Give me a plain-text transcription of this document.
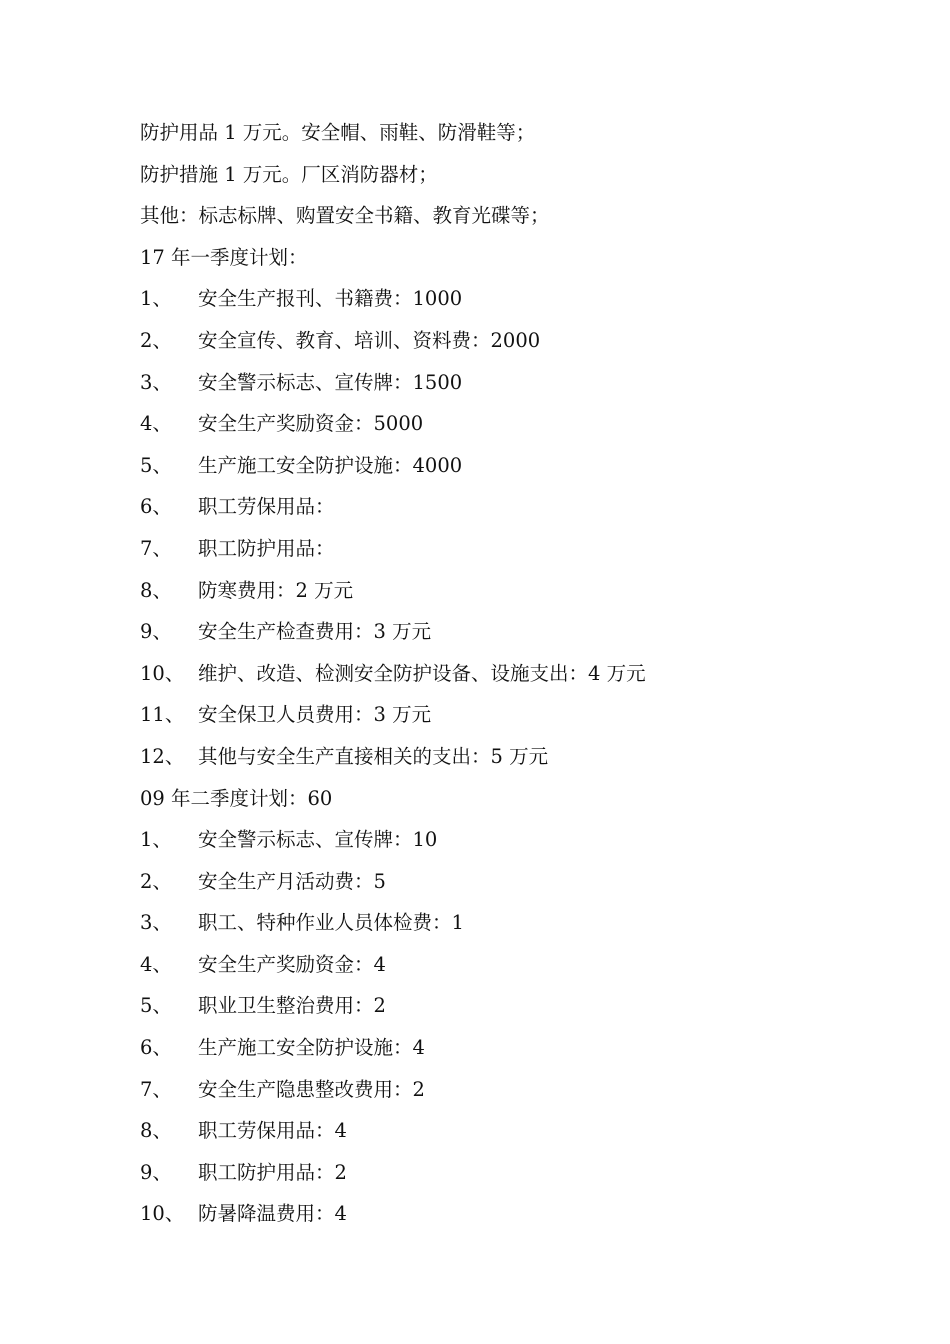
防护用品 1 万元。安全帽、雨鞋、防滑鞋等；
防护措施 1 万元。厂区消防器材；
其他：标志标牌、购置安全书籍、教育光碟等；
17 年一季度计划：
1、	安全生产报刊、书籍费：1000
2、	安全宣传、教育、培训、资料费：2000
3、	安全警示标志、宣传牌：1500
4、	安全生产奖励资金：5000
5、	生产施工安全防护设施：4000
6、	职工劳保用品：
7、	职工防护用品：
8、	防寒费用：2 万元
9、	安全生产检查费用：3 万元
10、 维护、改造、检测安全防护设备、设施支出：4 万元
11、 安全保卫人员费用：3 万元
12、 其他与安全生产直接相关的支出：5 万元
09 年二季度计划：60
1、	安全警示标志、宣传牌：10
2、	安全生产月活动费：5
3、	职工、特种作业人员体检费：1
4、	安全生产奖励资金：4
5、	职业卫生整治费用：2
6、	生产施工安全防护设施：4
7、	安全生产隐患整改费用：2
8、	职工劳保用品：4
9、	职工防护用品：2
10、 防暑降温费用：4
